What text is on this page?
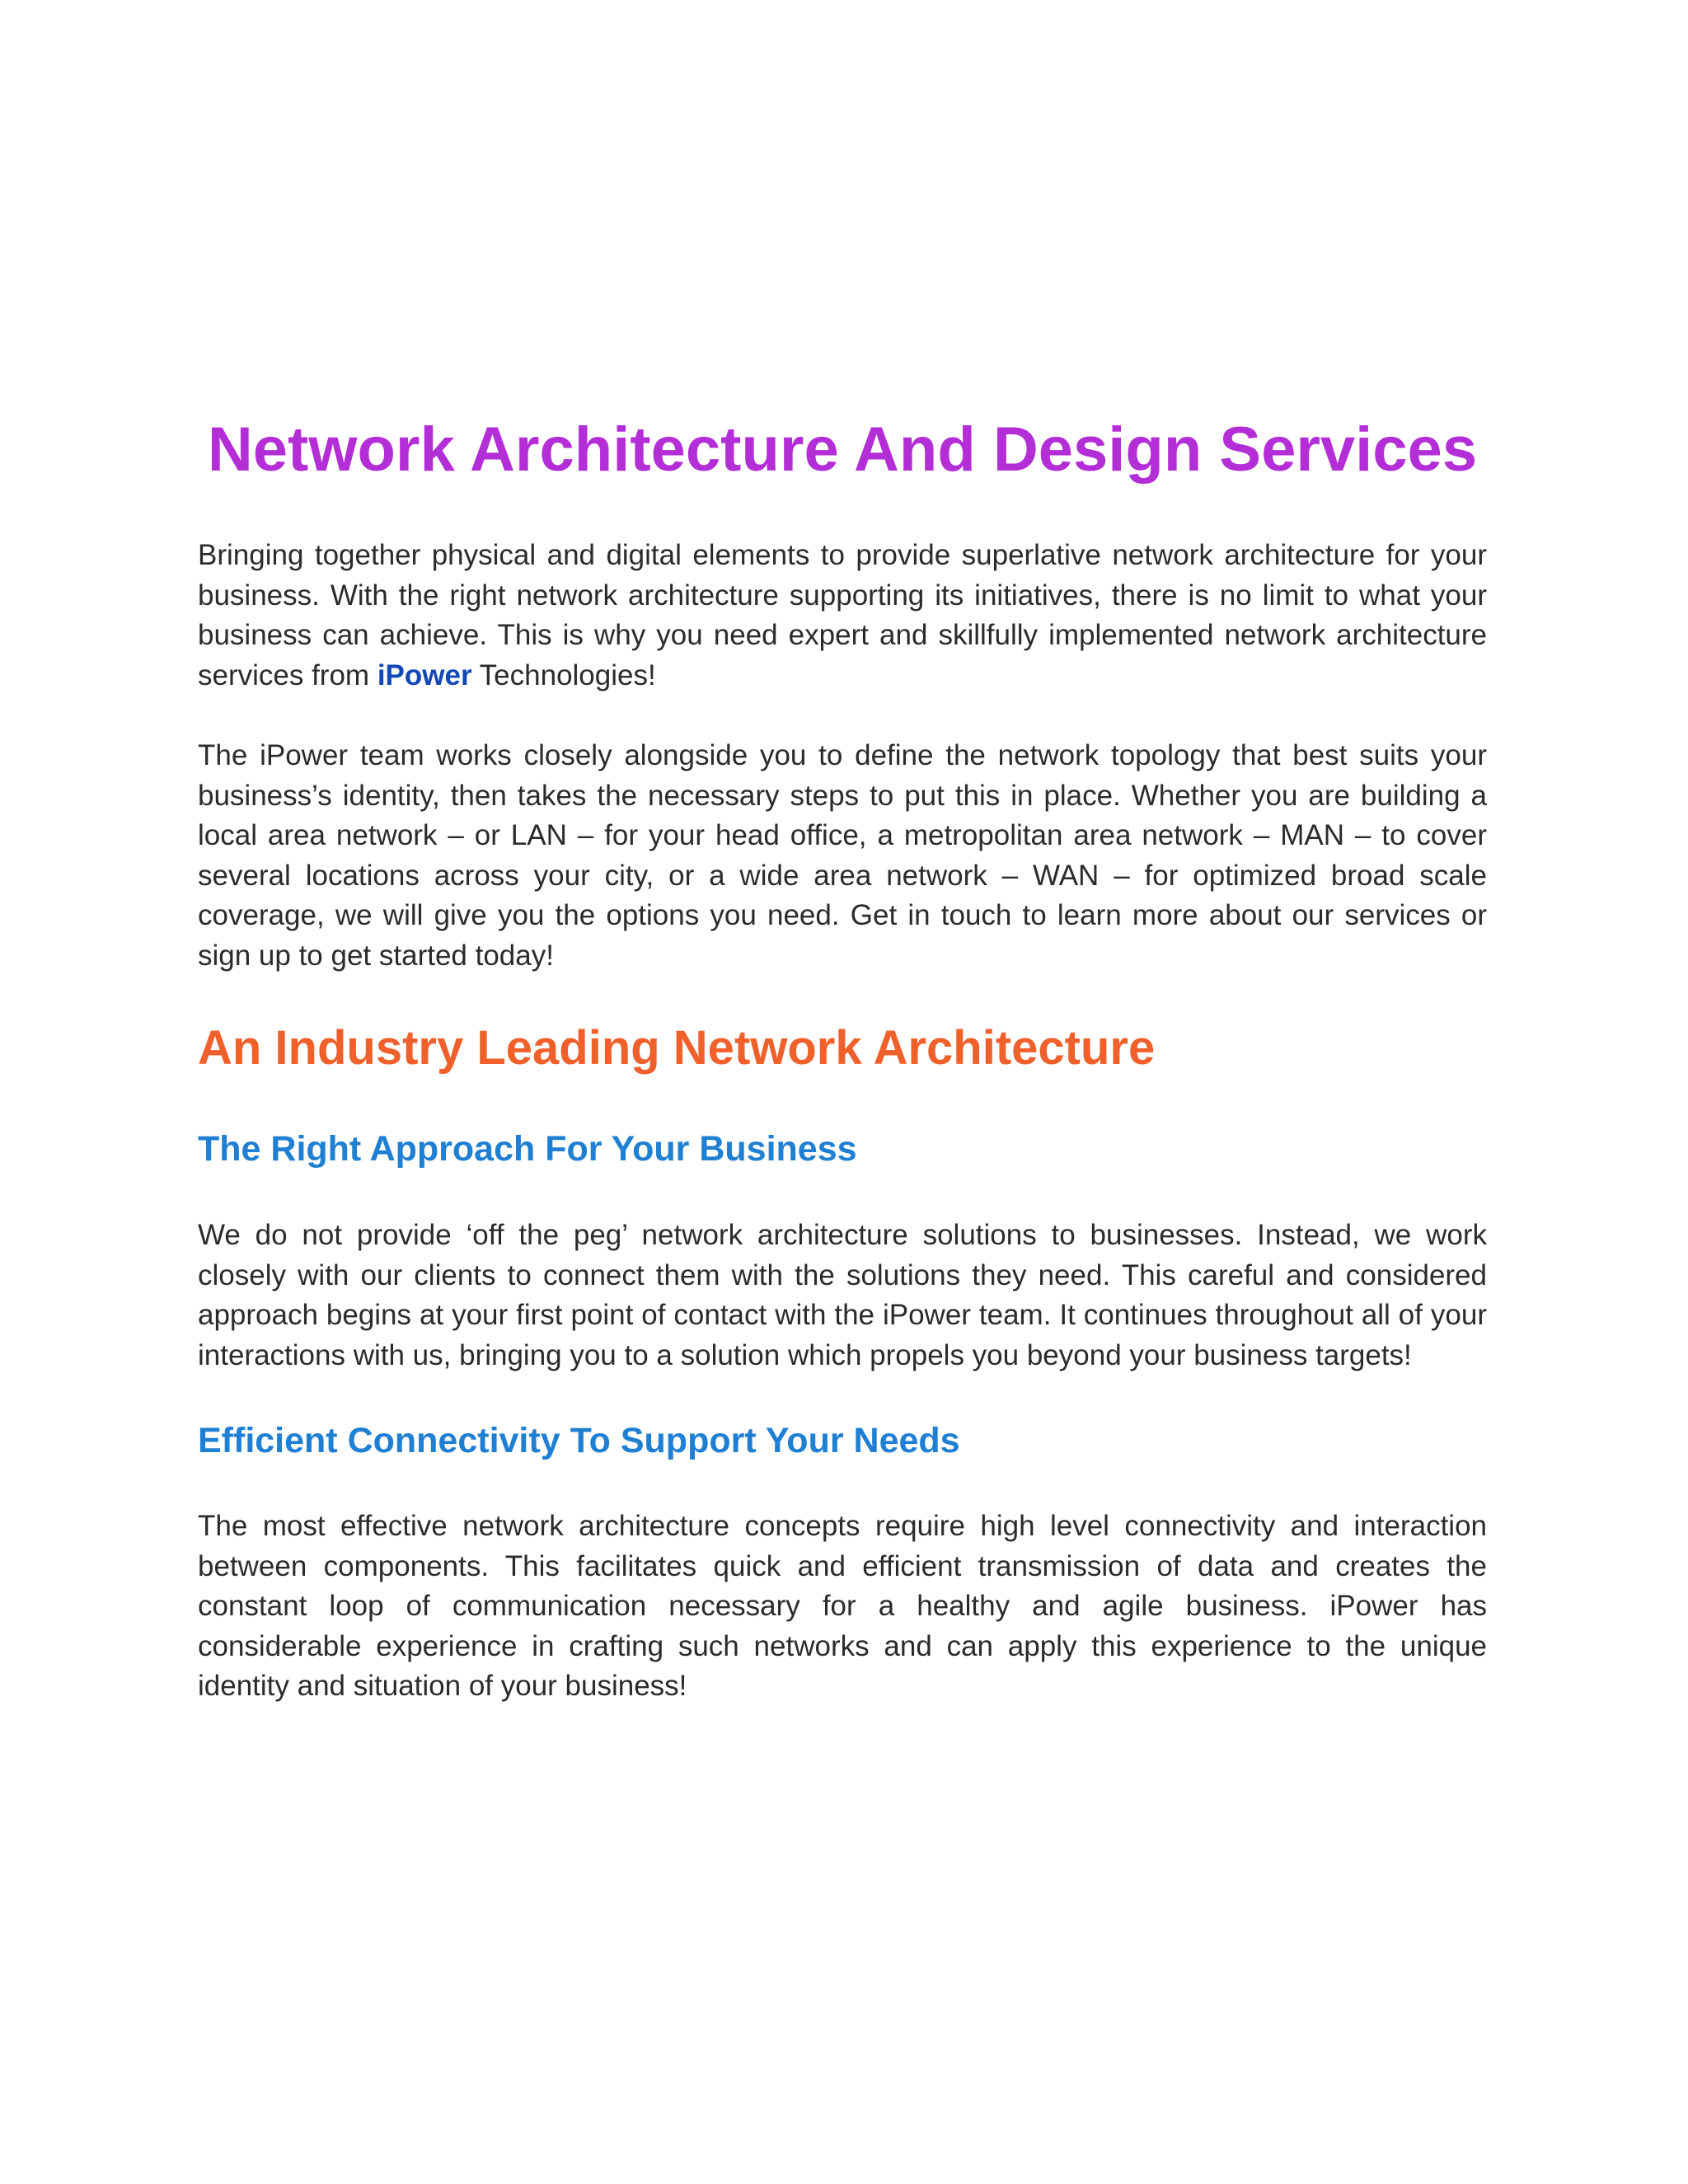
Network Architecture And Design Services

Bringing together physical and digital elements to provide superlative network architecture for your business. With the right network architecture supporting its initiatives, there is no limit to what your business can achieve. This is why you need expert and skillfully implemented network architecture services from iPower Technologies!

The iPower team works closely alongside you to define the network topology that best suits your business’s identity, then takes the necessary steps to put this in place. Whether you are building a local area network – or LAN – for your head office, a metropolitan area network – MAN – to cover several locations across your city, or a wide area network – WAN – for optimized broad scale coverage, we will give you the options you need. Get in touch to learn more about our services or sign up to get started today!

An Industry Leading Network Architecture
The Right Approach For Your Business

We do not provide ‘off the peg’ network architecture solutions to businesses. Instead, we work closely with our clients to connect them with the solutions they need. This careful and considered approach begins at your first point of contact with the iPower team. It continues throughout all of your interactions with us, bringing you to a solution which propels you beyond your business targets!

Efficient Connectivity To Support Your Needs

The most effective network architecture concepts require high level connectivity and interaction between components. This facilitates quick and efficient transmission of data and creates the constant loop of communication necessary for a healthy and agile business. iPower has considerable experience in crafting such networks and can apply this experience to the unique identity and situation of your business!
